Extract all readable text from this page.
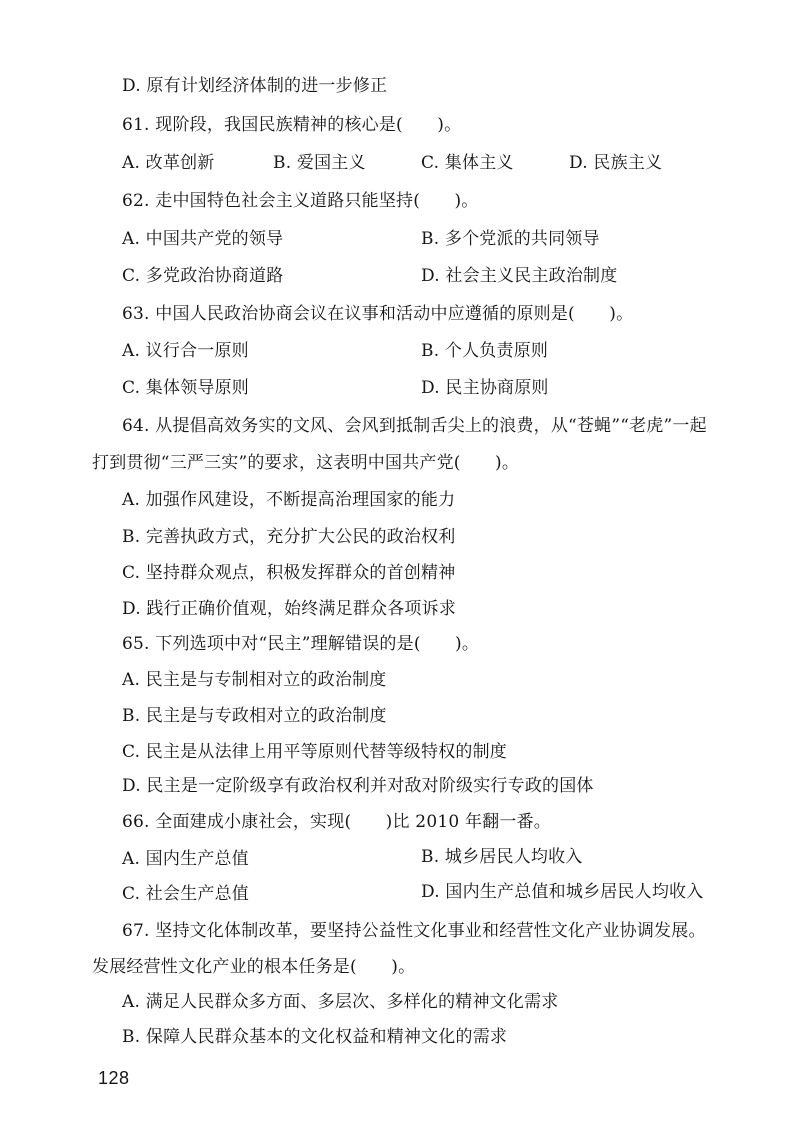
D. 原有计划经济体制的进一步修正
61. 现阶段，我国民族精神的核心是(　　)。
A. 改革创新	B. 爱国主义	C. 集体主义	D. 民族主义
62. 走中国特色社会主义道路只能坚持(　　)。
A. 中国共产党的领导	B. 多个党派的共同领导
C. 多党政治协商道路	D. 社会主义民主政治制度
63. 中国人民政治协商会议在议事和活动中应遵循的原则是(　　)。
A. 议行合一原则	B. 个人负责原则
C. 集体领导原则	D. 民主协商原则
64. 从提倡高效务实的文风、会风到抵制舌尖上的浪费，从“苍蝇”“老虎”一起
打到贯彻“三严三实”的要求，这表明中国共产党(　　)。
A. 加强作风建设，不断提高治理国家的能力
B. 完善执政方式，充分扩大公民的政治权利
C. 坚持群众观点，积极发挥群众的首创精神
D. 践行正确价值观，始终满足群众各项诉求
65. 下列选项中对“民主”理解错误的是(　　)。
A. 民主是与专制相对立的政治制度
B. 民主是与专政相对立的政治制度
C. 民主是从法律上用平等原则代替等级特权的制度
D. 民主是一定阶级享有政治权利并对敌对阶级实行专政的国体
66. 全面建成小康社会，实现(　　)比 2010 年翻一番。
A. 国内生产总值	B. 城乡居民人均收入
C. 社会生产总值	D. 国内生产总值和城乡居民人均收入
67. 坚持文化体制改革，要坚持公益性文化事业和经营性文化产业协调发展。
发展经营性文化产业的根本任务是(　　)。
A. 满足人民群众多方面、多层次、多样化的精神文化需求
B. 保障人民群众基本的文化权益和精神文化的需求
128
